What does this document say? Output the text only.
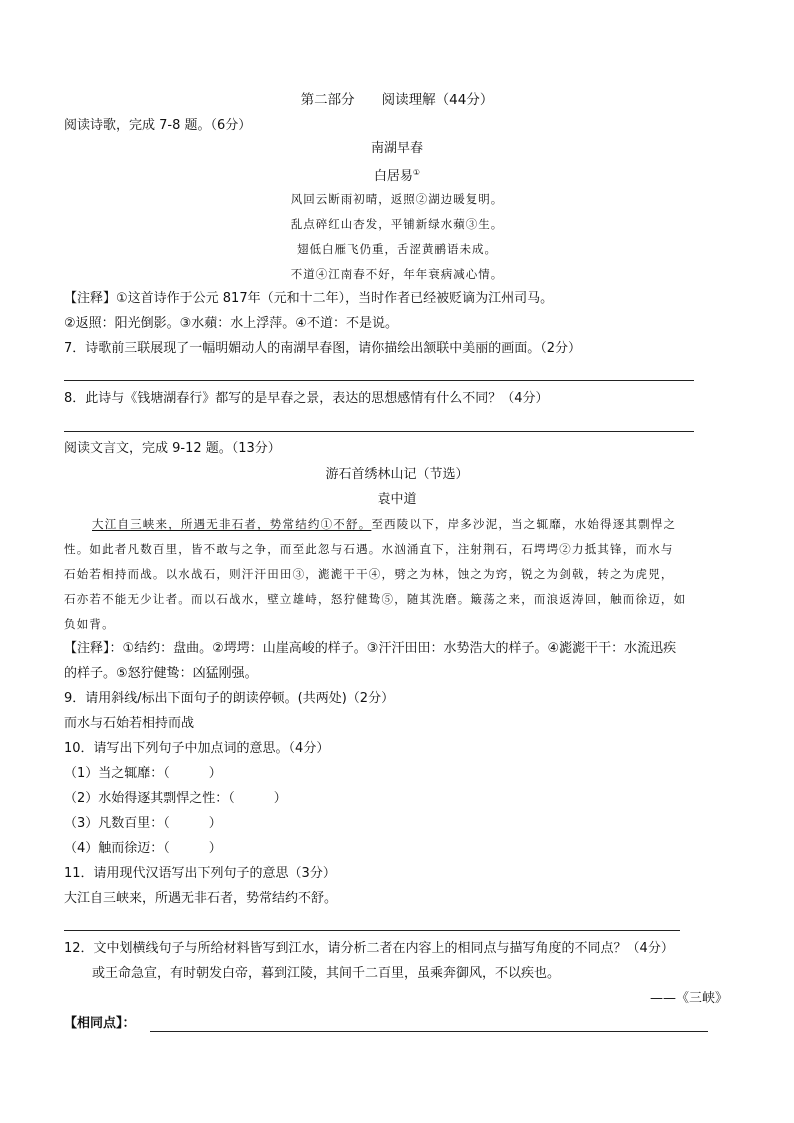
第二部分　　阅读理解（44分）
阅读诗歌，完成 7-8 题。（6分）
南湖早春
白居易①
风回云断雨初晴，返照②湖边暖复明。
乱点碎红山杏发，平铺新绿水蘋③生。
翅低白雁飞仍重，舌涩黄鹂语未成。
不道④江南春不好，年年衰病减心情。
【注释】①这首诗作于公元 817年（元和十二年），当时作者已经被贬谪为江州司马。
②返照：阳光倒影。③水蘋：水上浮萍。④不道：不是说。
7．诗歌前三联展现了一幅明媚动人的南湖早春图，请你描绘出颔联中美丽的画面。（2分）
8．此诗与《钱塘湖春行》都写的是早春之景，表达的思想感情有什么不同？（4分）
阅读文言文，完成 9-12 题。（13分）
游石首绣林山记（节选）
袁中道
大江自三峡来，所遇无非石者，势常结约①不舒。至西陵以下，岸多沙泥，当之辄靡，水始得逐其剽悍之
性。如此者凡数百里，皆不敢与之争，而至此忽与石遇。水汹涌直下，注射荆石，石堮堮②力抵其锋，而水与
石始若相持而战。以水战石，则汗汗田田③，滮滮干干④，劈之为林，蚀之为窍，锐之为剑戟，转之为虎兕，
石亦若不能无少让者。而以石战水，壁立雄峙，怒狞健鸷⑤，随其洗磨。簸荡之来，而浪返涛回，触而徐迈，如
负如背。
【注释】：①结约：盘曲。②堮堮：山崖高峻的样子。③汗汗田田：水势浩大的样子。④滮滮干干：水流迅疾
的样子。⑤怒狞健鸷：凶猛刚强。
9．请用斜线/标出下面句子的朗读停顿。(共两处)（2分）
而水与石始若相持而战
10．请写出下列句子中加点词的意思。（4分）
（1）当之辄靡：（　　　）
（2）水始得逐其剽悍之性：（　　　）
（3）凡数百里：（　　　）
（4）触而徐迈：（　　　）
11．请用现代汉语写出下列句子的意思（3分）
大江自三峡来，所遇无非石者，势常结约不舒。
12．文中划横线句子与所给材料皆写到江水，请分析二者在内容上的相同点与描写角度的不同点？（4分）
或王命急宣，有时朝发白帝，暮到江陵，其间千二百里，虽乘奔御风，不以疾也。
——《三峡》
【相同点】：
